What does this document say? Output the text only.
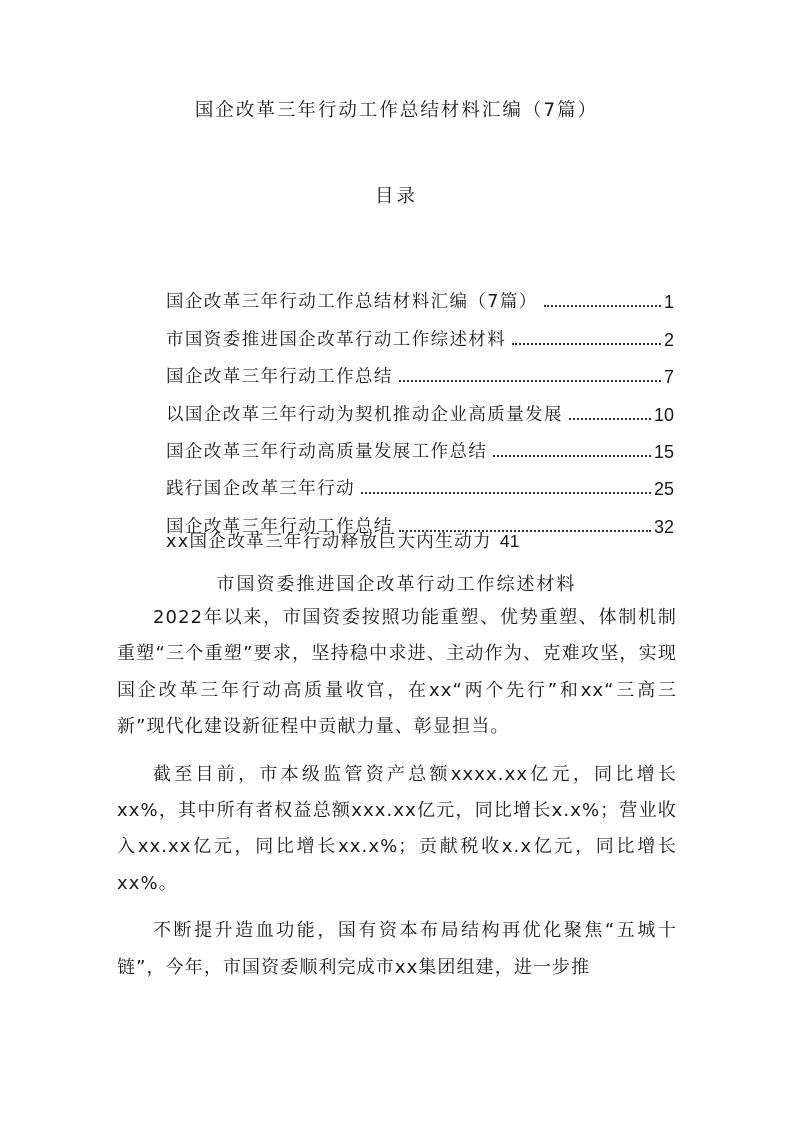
国企改革三年行动工作总结材料汇编（7篇）
目录
国企改革三年行动工作总结材料汇编（7篇）	1
市国资委推进国企改革行动工作综述材料	2
国企改革三年行动工作总结	7
以国企改革三年行动为契机推动企业高质量发展	10
国企改革三年行动高质量发展工作总结	15
践行国企改革三年行动	25
国企改革三年行动工作总结	32
xx国企改革三年行动释放巨大内生动力 41
市国资委推进国企改革行动工作综述材料

2022年以来，市国资委按照功能重塑、优势重塑、体制机制重塑“三个重塑”要求，坚持稳中求进、主动作为、克难攻坚，实现国企改革三年行动高质量收官，在xx“两个先行”和xx“三高三新”现代化建设新征程中贡献力量、彰显担当。

截至目前，市本级监管资产总额xxxx.xx亿元，同比增长xx%，其中所有者权益总额xxx.xx亿元，同比增长x.x%；营业收入xx.xx亿元，同比增长xx.x%；贡献税收x.x亿元，同比增长xx%。

不断提升造血功能，国有资本布局结构再优化聚焦“五城十链”，今年，市国资委顺利完成市xx集团组建，进一步推
